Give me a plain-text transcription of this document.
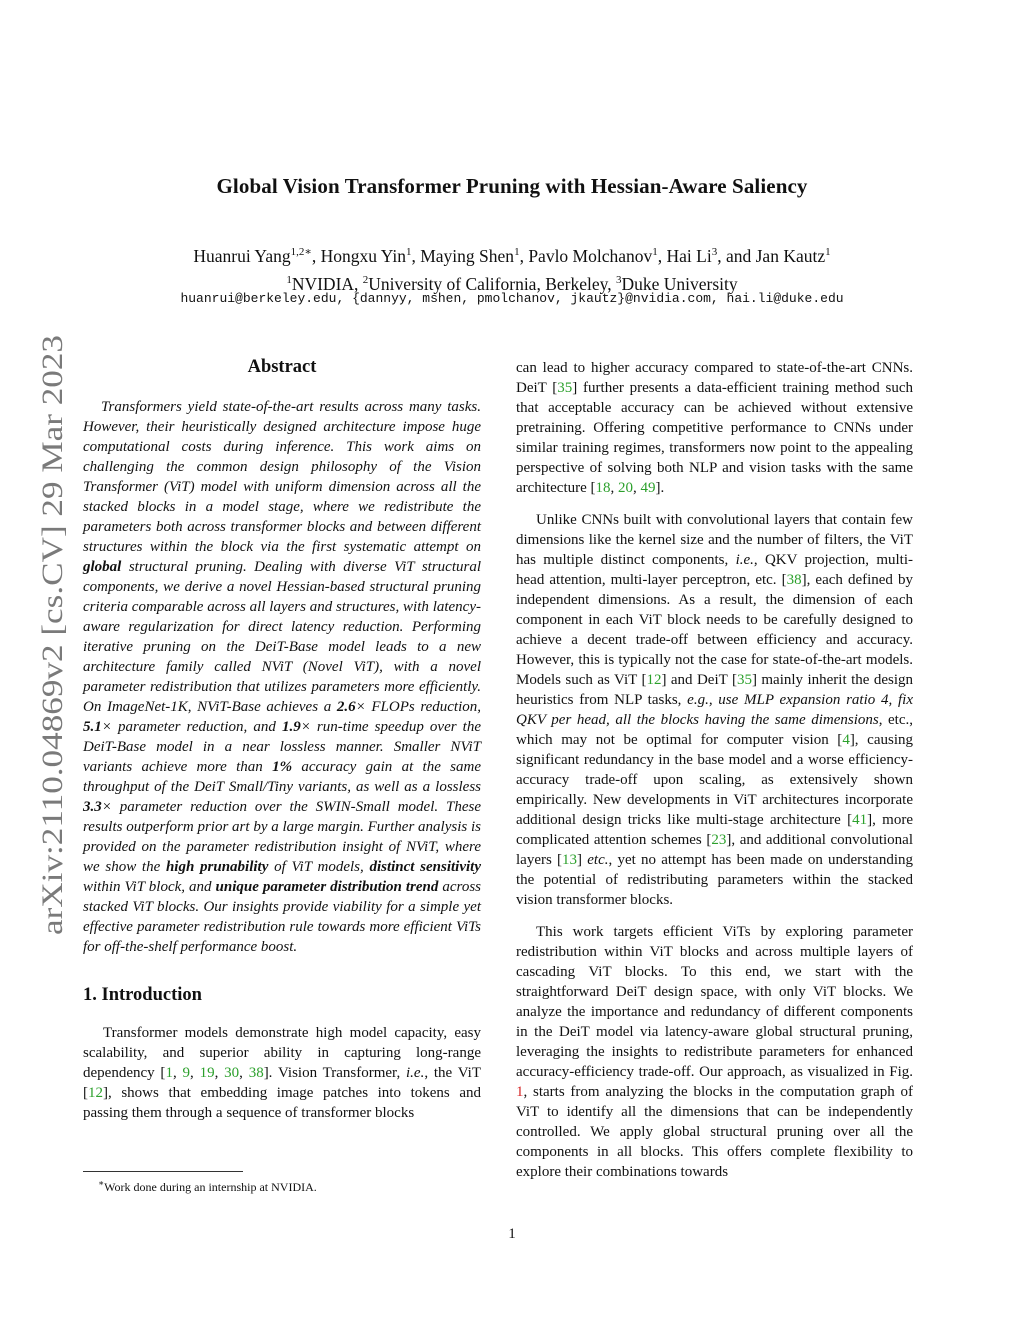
arXiv:2110.04869v2 [cs.CV] 29 Mar 2023
Global Vision Transformer Pruning with Hessian-Aware Saliency
Huanrui Yang$^{1,2∗}$, Hongxu Yin$^1$, Maying Shen$^1$, Pavlo Molchanov$^1$, Hai Li$^3$, and Jan Kautz$^1$
$^1$NVIDIA, $^2$University of California, Berkeley, $^3$Duke University
huanrui@berkeley.edu, {dannyy, mshen, pmolchanov, jkautz}@nvidia.com, hai.li@duke.edu
Abstract

Transformers yield state-of-the-art results across many tasks. However, their heuristically designed architecture impose huge computational costs during inference. This work aims on challenging the common design philosophy of the Vision Transformer (ViT) model with uniform dimension across all the stacked blocks in a model stage, where we redistribute the parameters both across transformer blocks and between different structures within the block via the first systematic attempt on global structural pruning. Dealing with diverse ViT structural components, we derive a novel Hessian-based structural pruning criteria comparable across all layers and structures, with latency-aware regularization for direct latency reduction. Performing iterative pruning on the DeiT-Base model leads to a new architecture family called NViT (Novel ViT), with a novel parameter redistribution that utilizes parameters more efficiently. On ImageNet-1K, NViT-Base achieves a 2.6× FLOPs reduction, 5.1× parameter reduction, and 1.9× run-time speedup over the DeiT-Base model in a near lossless manner. Smaller NViT variants achieve more than 1% accuracy gain at the same throughput of the DeiT Small/Tiny variants, as well as a lossless 3.3× parameter reduction over the SWIN-Small model. These results outperform prior art by a large margin. Further analysis is provided on the parameter redistribution insight of NViT, where we show the high prunability of ViT models, distinct sensitivity within ViT block, and unique parameter distribution trend across stacked ViT blocks. Our insights provide viability for a simple yet effective parameter redistribution rule towards more efficient ViTs for off-the-shelf performance boost.

1. Introduction

Transformer models demonstrate high model capacity, easy scalability, and superior ability in capturing long-range dependency [1, 9, 19, 30, 38]. Vision Transformer, i.e., the ViT [12], shows that embedding image patches into tokens and passing them through a sequence of transformer blocks

can lead to higher accuracy compared to state-of-the-art CNNs. DeiT [35] further presents a data-efficient training method such that acceptable accuracy can be achieved without extensive pretraining. Offering competitive performance to CNNs under similar training regimes, transformers now point to the appealing perspective of solving both NLP and vision tasks with the same architecture [18, 20, 49].

Unlike CNNs built with convolutional layers that contain few dimensions like the kernel size and the number of filters, the ViT has multiple distinct components, i.e., QKV projection, multi-head attention, multi-layer perceptron, etc. [38], each defined by independent dimensions. As a result, the dimension of each component in each ViT block needs to be carefully designed to achieve a decent trade-off between efficiency and accuracy. However, this is typically not the case for state-of-the-art models. Models such as ViT [12] and DeiT [35] mainly inherit the design heuristics from NLP tasks, e.g., use MLP expansion ratio 4, fix QKV per head, all the blocks having the same dimensions, etc., which may not be optimal for computer vision [4], causing significant redundancy in the base model and a worse efficiency-accuracy trade-off upon scaling, as extensively shown empirically. New developments in ViT architectures incorporate additional design tricks like multi-stage architecture [41], more complicated attention schemes [23], and additional convolutional layers [13] etc., yet no attempt has been made on understanding the potential of redistributing parameters within the stacked vision transformer blocks.

This work targets efficient ViTs by exploring parameter redistribution within ViT blocks and across multiple layers of cascading ViT blocks. To this end, we start with the straightforward DeiT design space, with only ViT blocks. We analyze the importance and redundancy of different components in the DeiT model via latency-aware global structural pruning, leveraging the insights to redistribute parameters for enhanced accuracy-efficiency trade-off. Our approach, as visualized in Fig. 1, starts from analyzing the blocks in the computation graph of ViT to identify all the dimensions that can be independently controlled. We apply global structural pruning over all the components in all blocks. This offers complete flexibility to explore their combinations towards

∗Work done during an internship at NVIDIA.
1
